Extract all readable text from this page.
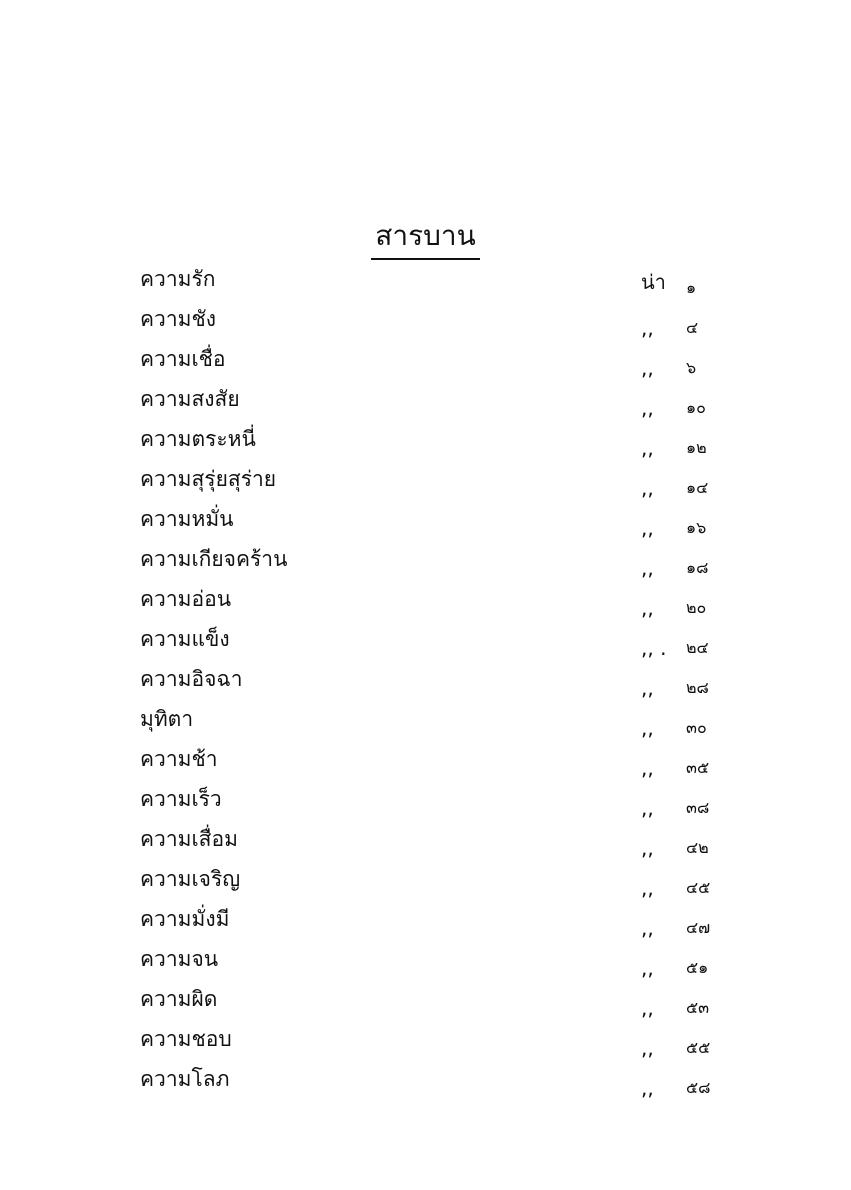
สารบาน
ความรัก	น่า ๑
ความชัง	,, ๔
ความเชื่อ	,, ๖
ความสงสัย	,, ๑๐
ความตระหนี่	,, ๑๒
ความสุรุ่ยสุร่าย	,, ๑๔
ความหมั่น	,, ๑๖
ความเกียจคร้าน	,, ๑๘
ความอ่อน	,, ๒๐
ความแข็ง	,, . ๒๔
ความอิจฉา	,, ๒๘
มุทิตา	,, ๓๐
ความช้า	,, ๓๕
ความเร็ว	,, ๓๘
ความเสื่อม	,, ๔๒
ความเจริญ	,, ๔๕
ความมั่งมี	,, ๔๗
ความจน	,, ๕๑
ความผิด	,, ๕๓
ความชอบ	,, ๕๕
ความโลภ	,, ๕๘
